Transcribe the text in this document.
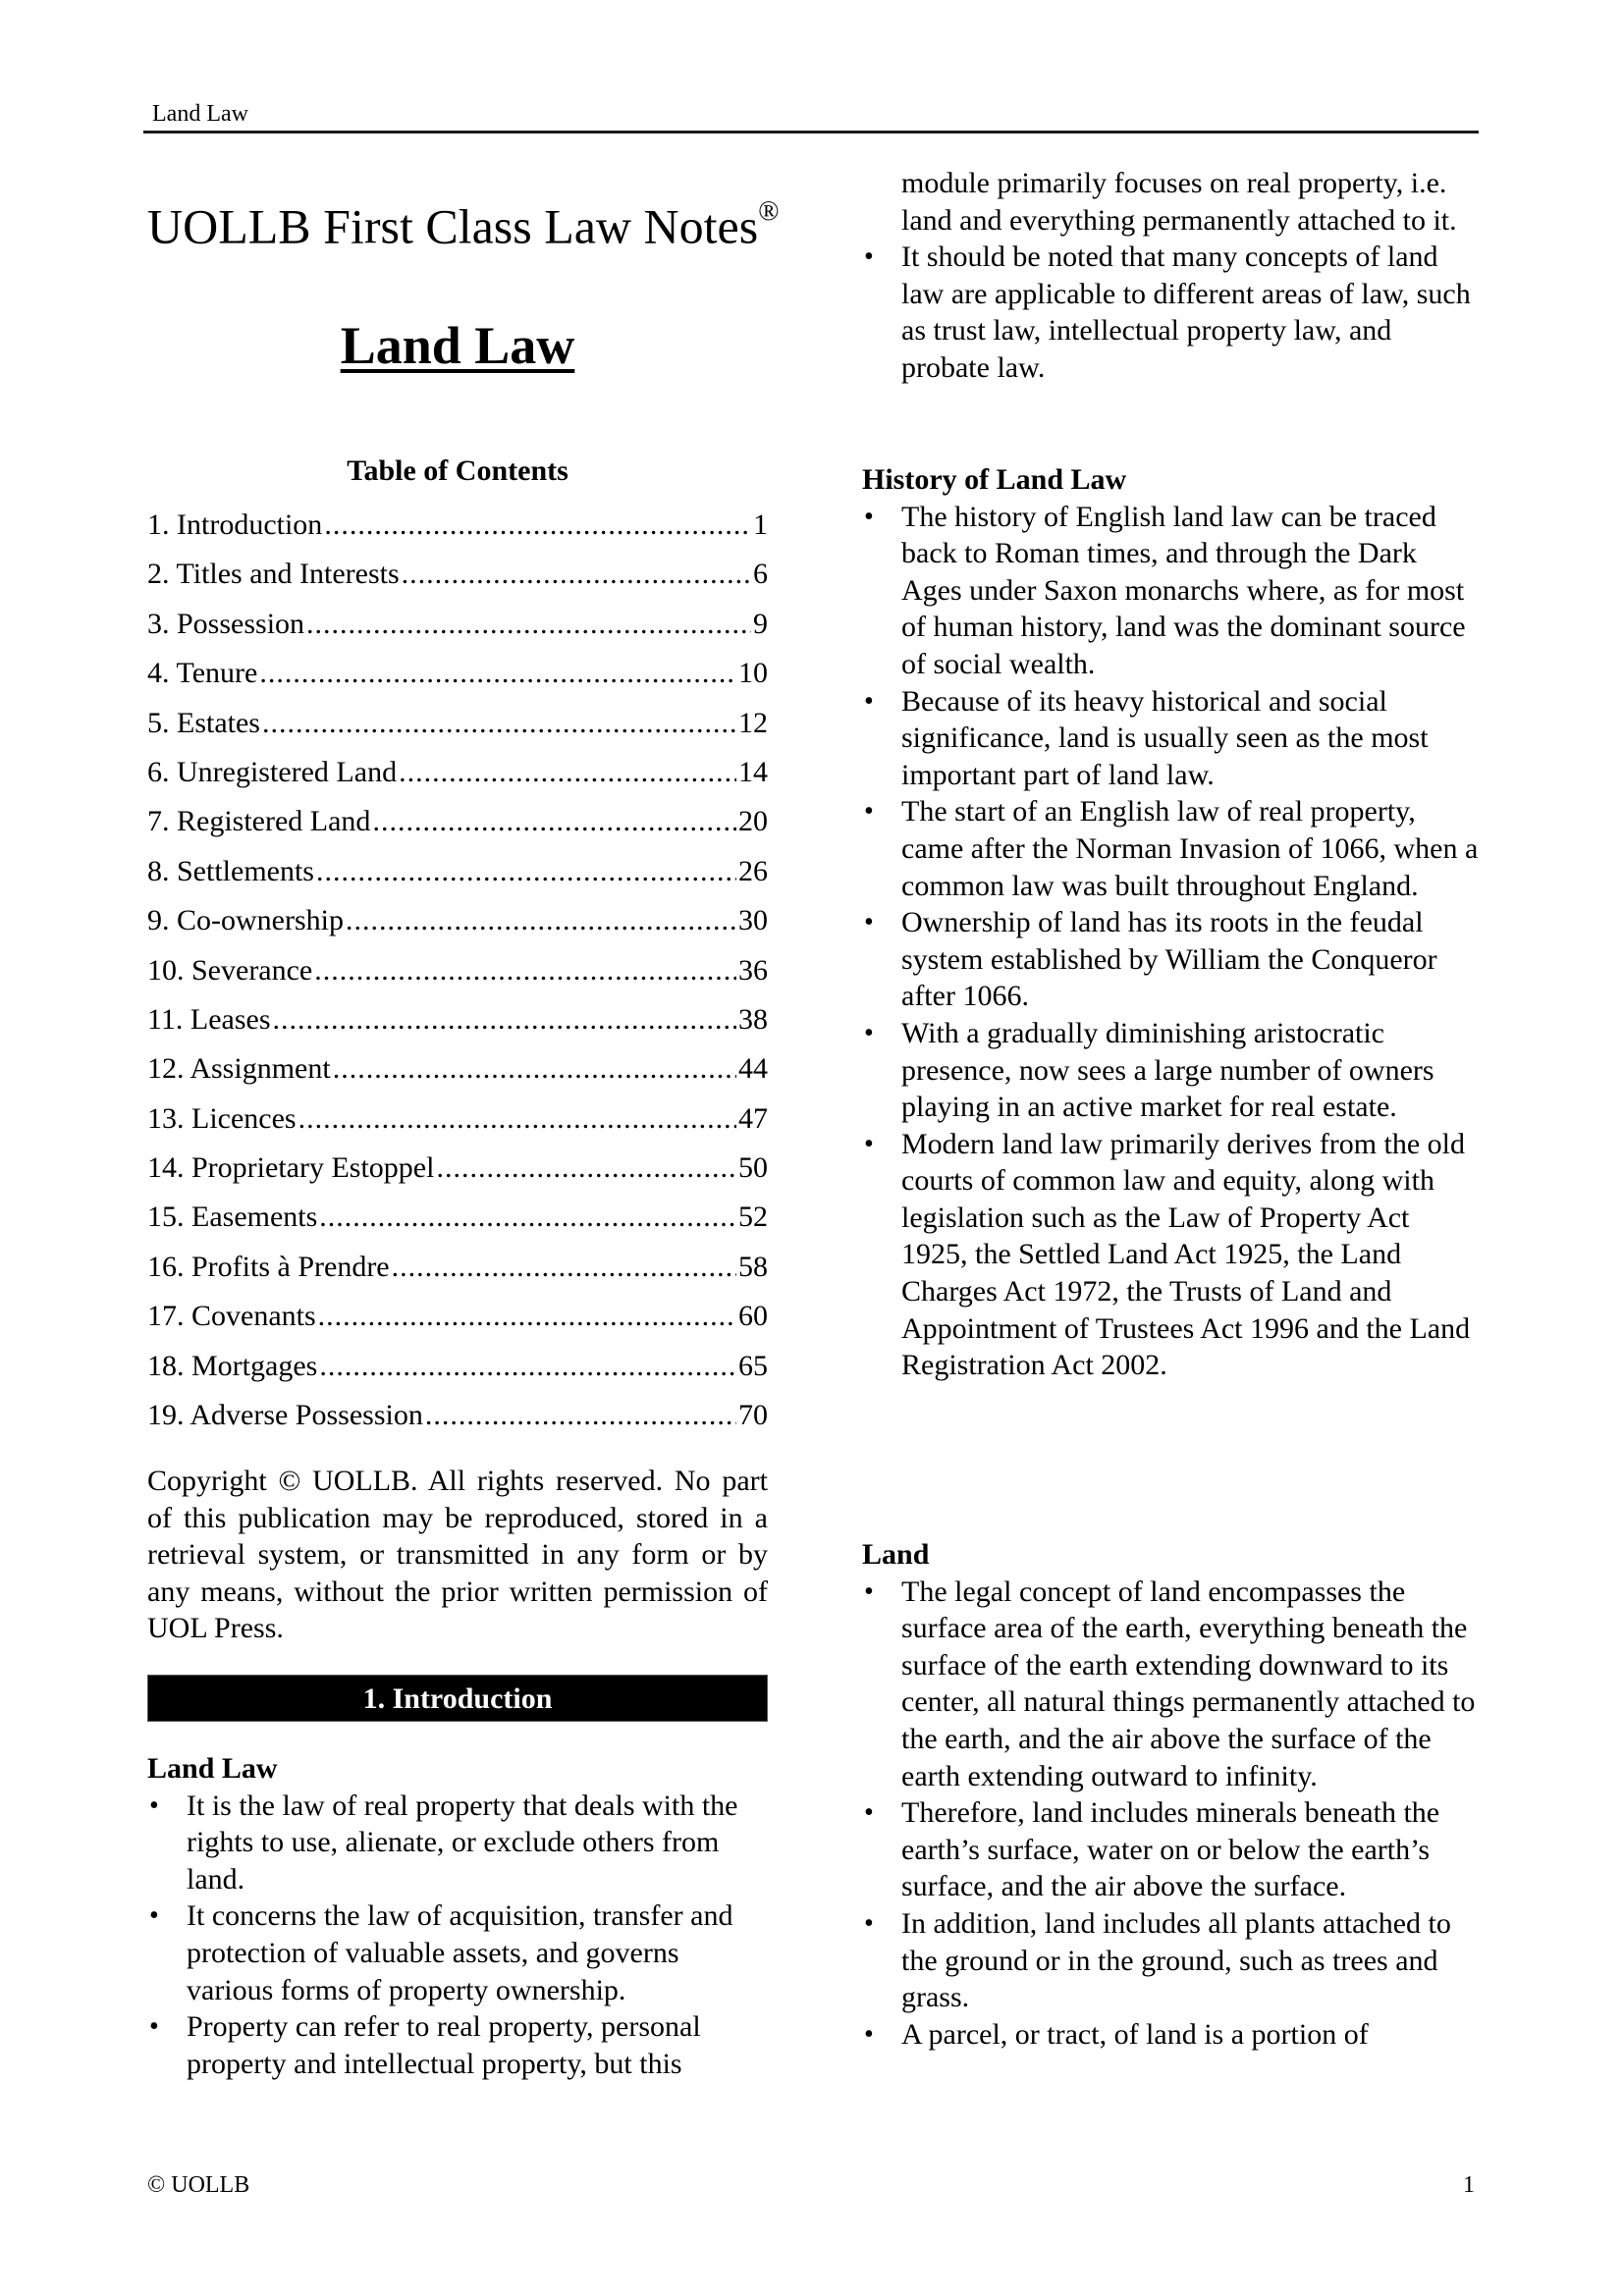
Land Law
UOLLB First Class Law Notes®
Land Law
Table of Contents
1. Introduction .....	1
2. Titles and Interests .....	6
3. Possession .....	9
4. Tenure .....	10
5. Estates .....	12
6. Unregistered Land .....	14
7. Registered Land .....	20
8. Settlements .....	26
9. Co-ownership .....	30
10. Severance .....	36
11. Leases .....	38
12. Assignment .....	44
13. Licences .....	47
14. Proprietary Estoppel .....	50
15. Easements .....	52
16. Profits à Prendre .....	58
17. Covenants .....	60
18. Mortgages .....	65
19. Adverse Possession .....	70
Copyright © UOLLB. All rights reserved. No part of this publication may be reproduced, stored in a retrieval system, or transmitted in any form or by any means, without the prior written permission of UOL Press.
1. Introduction
Land Law
• It is the law of real property that deals with the rights to use, alienate, or exclude others from land.
• It concerns the law of acquisition, transfer and protection of valuable assets, and governs various forms of property ownership.
• Property can refer to real property, personal property and intellectual property, but this
module primarily focuses on real property, i.e. land and everything permanently attached to it.
• It should be noted that many concepts of land law are applicable to different areas of law, such as trust law, intellectual property law, and probate law.
History of Land Law
• The history of English land law can be traced back to Roman times, and through the Dark Ages under Saxon monarchs where, as for most of human history, land was the dominant source of social wealth.
• Because of its heavy historical and social significance, land is usually seen as the most important part of land law.
• The start of an English law of real property, came after the Norman Invasion of 1066, when a common law was built throughout England.
• Ownership of land has its roots in the feudal system established by William the Conqueror after 1066.
• With a gradually diminishing aristocratic presence, now sees a large number of owners playing in an active market for real estate.
• Modern land law primarily derives from the old courts of common law and equity, along with legislation such as the Law of Property Act 1925, the Settled Land Act 1925, the Land Charges Act 1972, the Trusts of Land and Appointment of Trustees Act 1996 and the Land Registration Act 2002.
Land
• The legal concept of land encompasses the surface area of the earth, everything beneath the surface of the earth extending downward to its center, all natural things permanently attached to the earth, and the air above the surface of the earth extending outward to infinity.
• Therefore, land includes minerals beneath the earth’s surface, water on or below the earth’s surface, and the air above the surface.
• In addition, land includes all plants attached to the ground or in the ground, such as trees and grass.
• A parcel, or tract, of land is a portion of
© UOLLB	1
